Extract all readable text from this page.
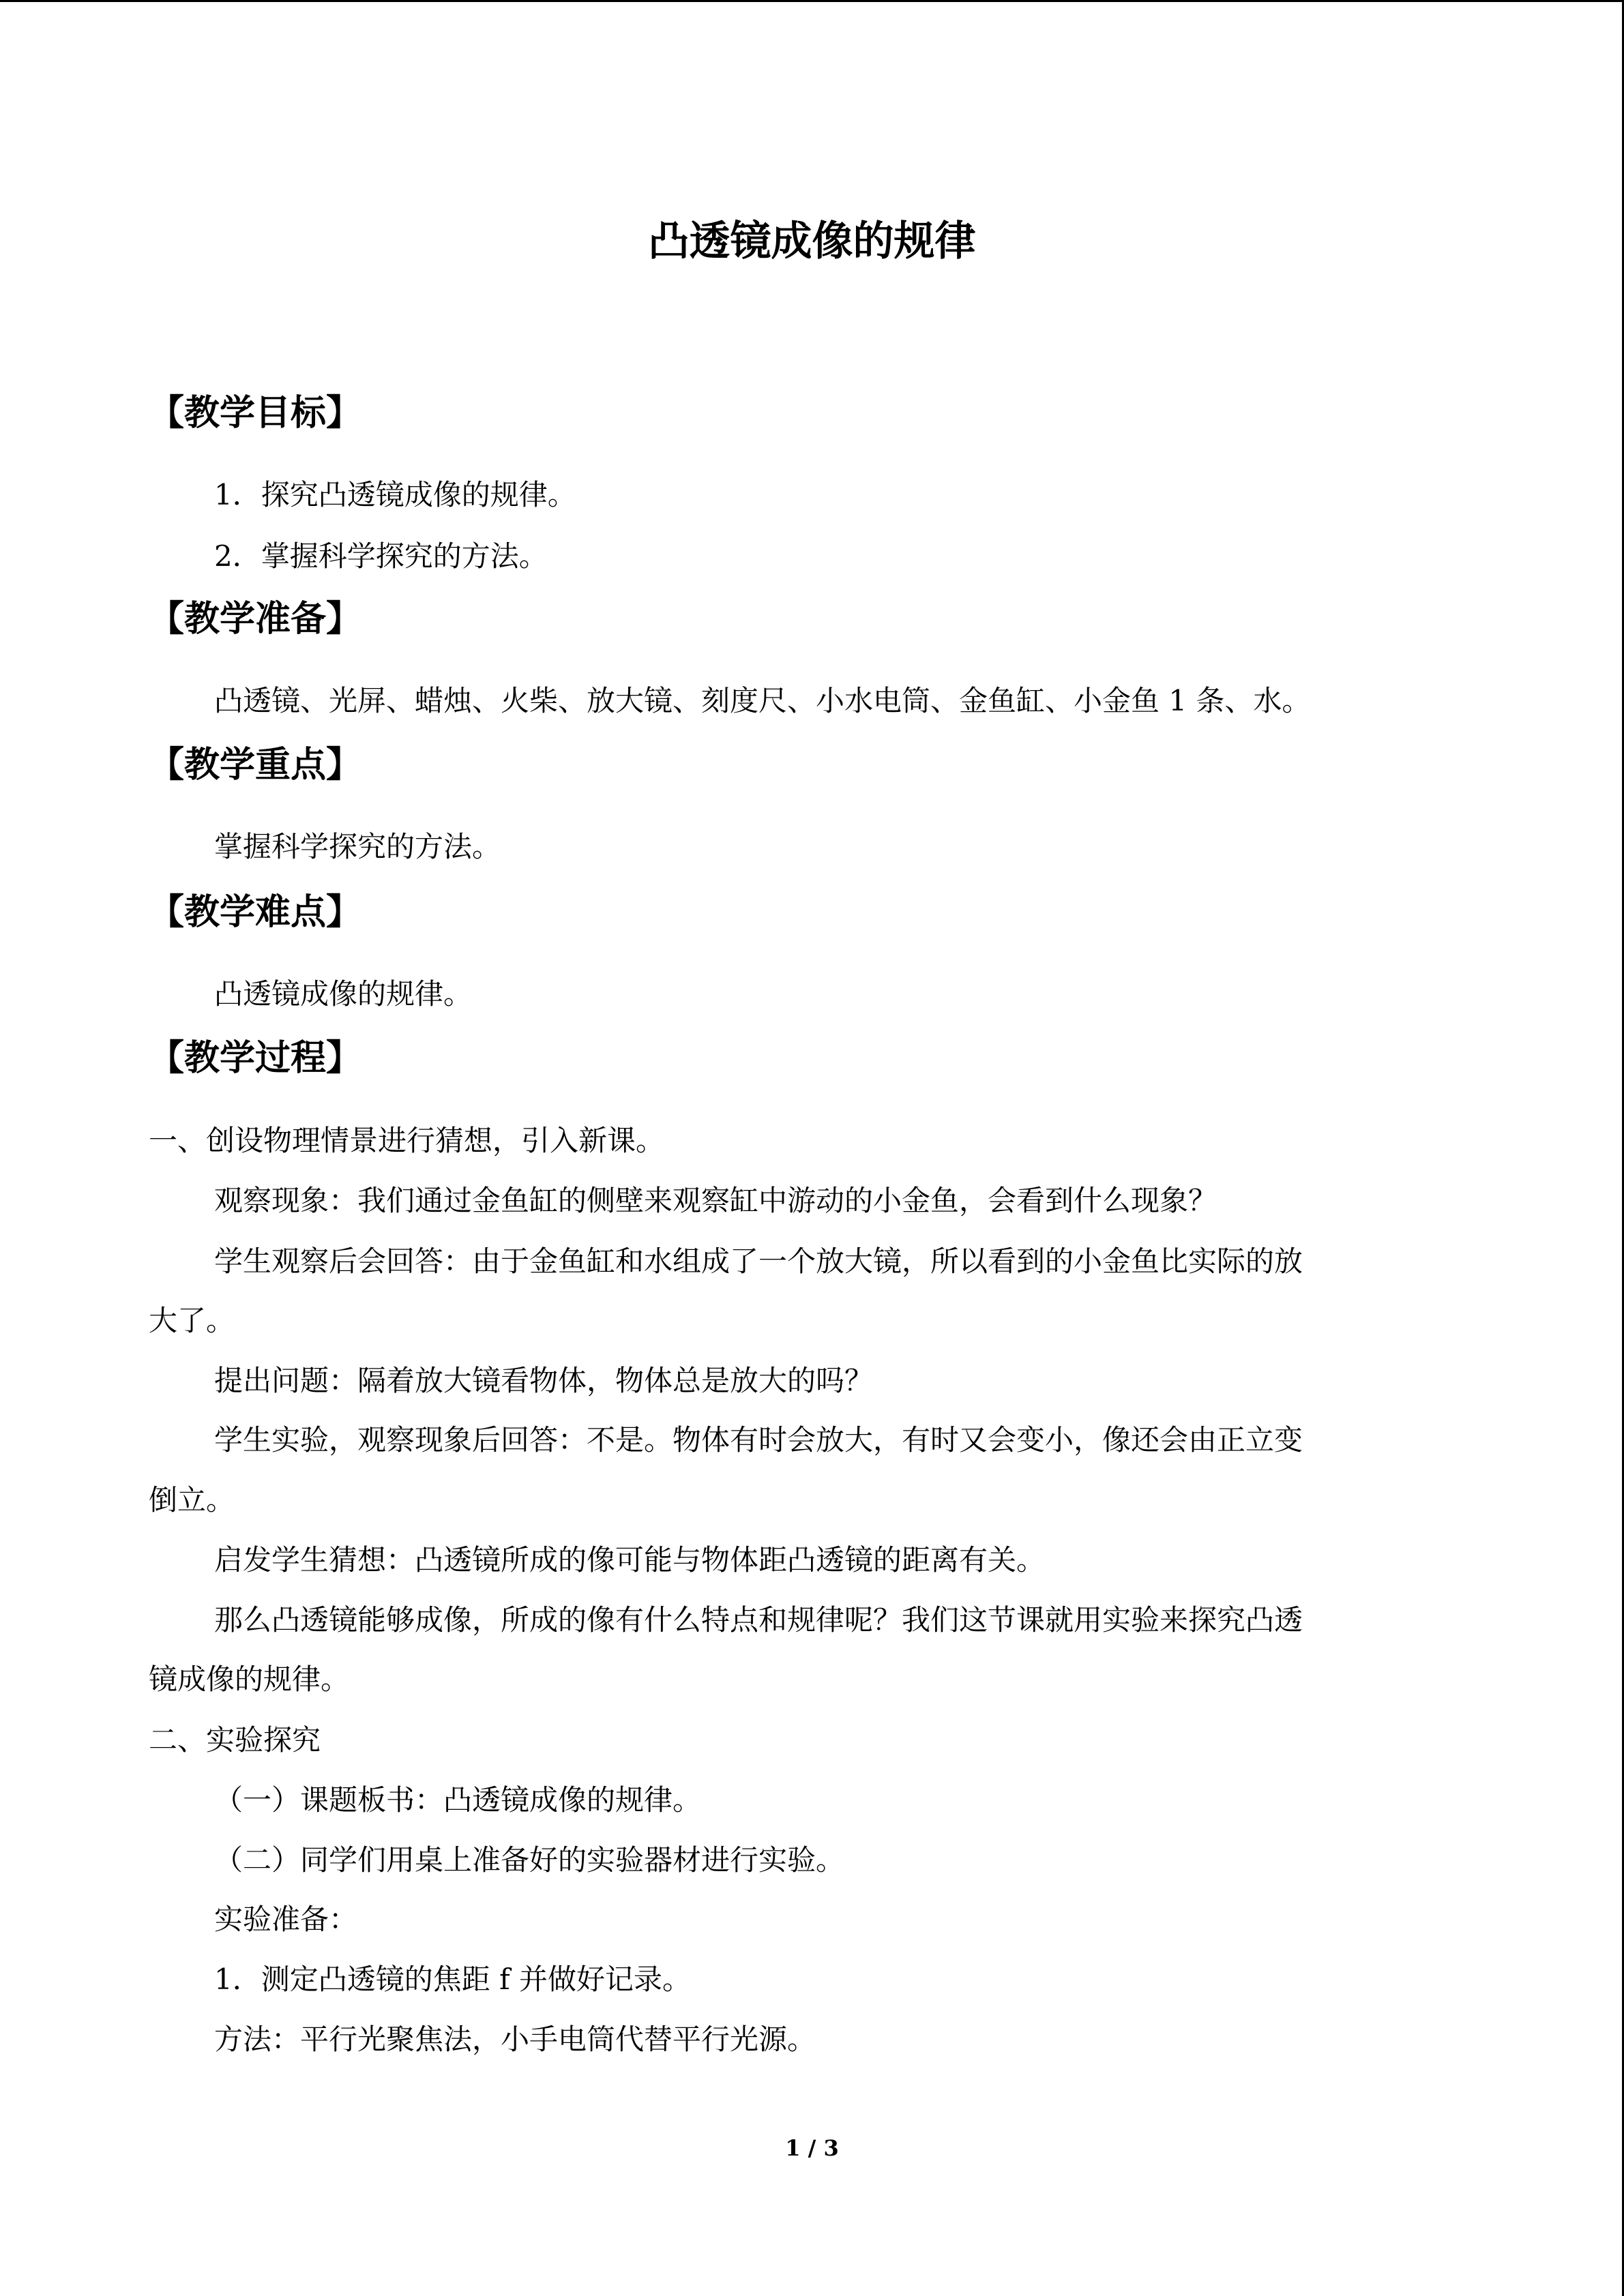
凸透镜成像的规律
【教学目标】
1．探究凸透镜成像的规律。
2．掌握科学探究的方法。
【教学准备】
凸透镜、光屏、蜡烛、火柴、放大镜、刻度尺、小水电筒、金鱼缸、小金鱼 1 条、水。
【教学重点】
掌握科学探究的方法。
【教学难点】
凸透镜成像的规律。
【教学过程】
一、创设物理情景进行猜想，引入新课。
观察现象：我们通过金鱼缸的侧壁来观察缸中游动的小金鱼，会看到什么现象？
学生观察后会回答：由于金鱼缸和水组成了一个放大镜，所以看到的小金鱼比实际的放
大了。
提出问题：隔着放大镜看物体，物体总是放大的吗？
学生实验，观察现象后回答：不是。物体有时会放大，有时又会变小，像还会由正立变
倒立。
启发学生猜想：凸透镜所成的像可能与物体距凸透镜的距离有关。
那么凸透镜能够成像，所成的像有什么特点和规律呢？我们这节课就用实验来探究凸透
镜成像的规律。
二、实验探究
（一）课题板书：凸透镜成像的规律。
（二）同学们用桌上准备好的实验器材进行实验。
实验准备：
1．测定凸透镜的焦距 f 并做好记录。
方法：平行光聚焦法，小手电筒代替平行光源。
1 / 3
